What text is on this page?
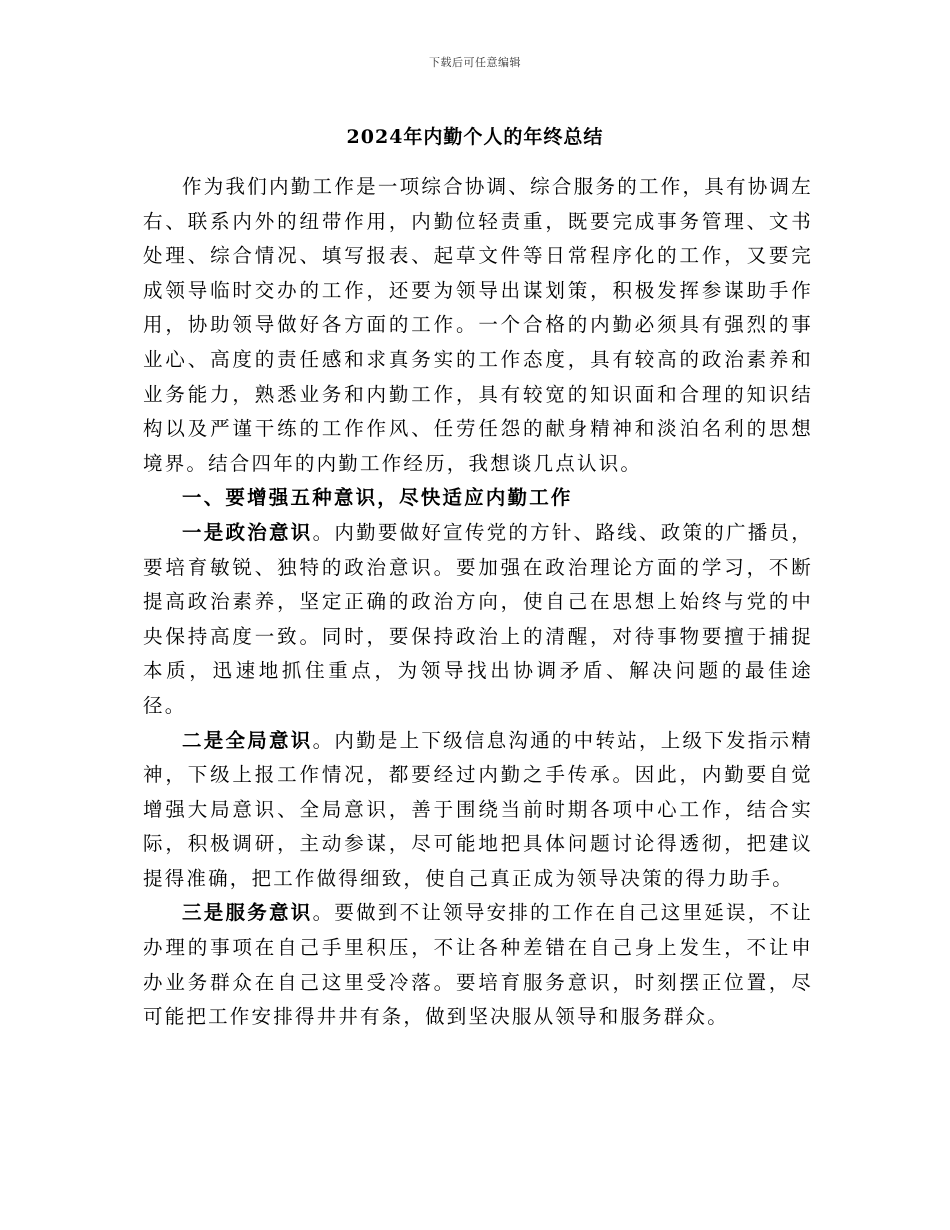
下载后可任意编辑
2024年内勤个人的年终总结

作为我们内勤工作是一项综合协调、综合服务的工作，具有协调左右、联系内外的纽带作用，内勤位轻责重，既要完成事务管理、文书处理、综合情况、填写报表、起草文件等日常程序化的工作，又要完成领导临时交办的工作，还要为领导出谋划策，积极发挥参谋助手作用，协助领导做好各方面的工作。一个合格的内勤必须具有强烈的事业心、高度的责任感和求真务实的工作态度，具有较高的政治素养和业务能力，熟悉业务和内勤工作，具有较宽的知识面和合理的知识结构以及严谨干练的工作作风、任劳任怨的献身精神和淡泊名利的思想境界。结合四年的内勤工作经历，我想谈几点认识。

一、要增强五种意识，尽快适应内勤工作

一是政治意识。内勤要做好宣传党的方针、路线、政策的广播员，要培育敏锐、独特的政治意识。要加强在政治理论方面的学习，不断提高政治素养，坚定正确的政治方向，使自己在思想上始终与党的中央保持高度一致。同时，要保持政治上的清醒，对待事物要擅于捕捉本质，迅速地抓住重点，为领导找出协调矛盾、解决问题的最佳途径。

二是全局意识。内勤是上下级信息沟通的中转站，上级下发指示精神，下级上报工作情况，都要经过内勤之手传承。因此，内勤要自觉增强大局意识、全局意识，善于围绕当前时期各项中心工作，结合实际，积极调研，主动参谋，尽可能地把具体问题讨论得透彻，把建议提得准确，把工作做得细致，使自己真正成为领导决策的得力助手。

三是服务意识。要做到不让领导安排的工作在自己这里延误，不让办理的事项在自己手里积压，不让各种差错在自己身上发生，不让申办业务群众在自己这里受冷落。要培育服务意识，时刻摆正位置，尽可能把工作安排得井井有条，做到坚决服从领导和服务群众。
